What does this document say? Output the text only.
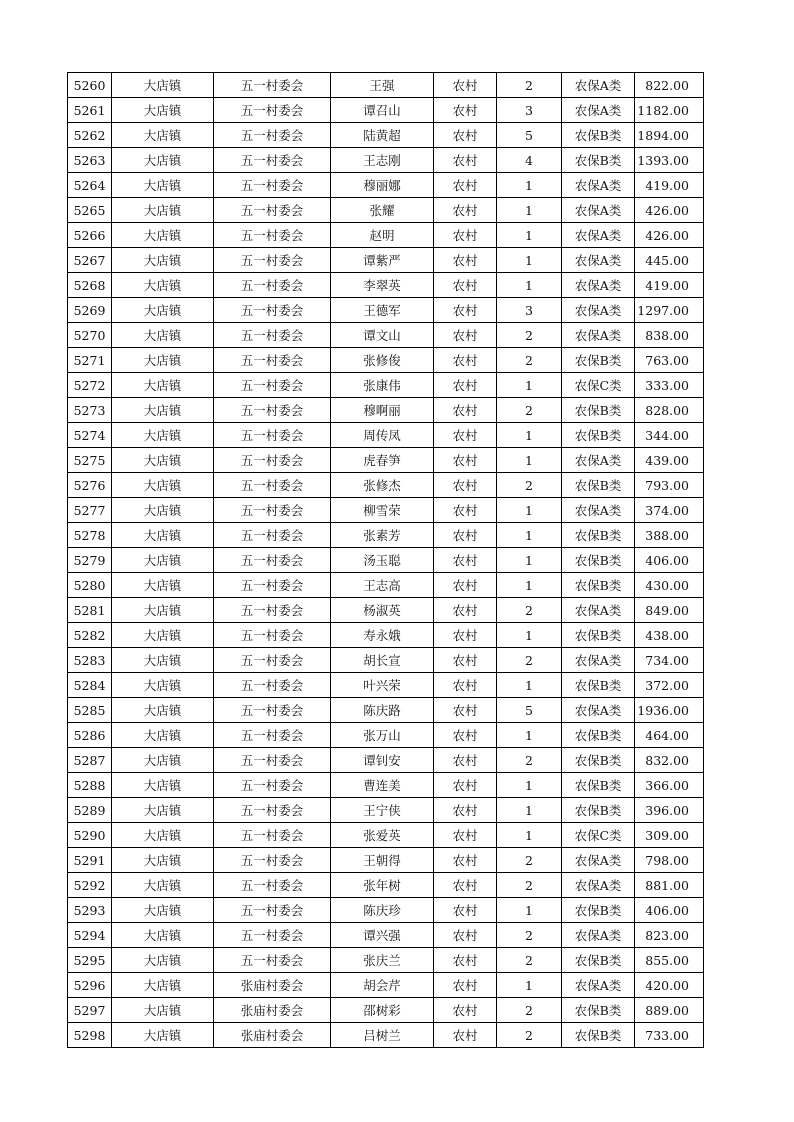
5260	大店镇	五一村委会	王强	农村	2	农保A类	822.00
5261	大店镇	五一村委会	谭召山	农村	3	农保A类	1182.00
5262	大店镇	五一村委会	陆黄超	农村	5	农保B类	1894.00
5263	大店镇	五一村委会	王志刚	农村	4	农保B类	1393.00
5264	大店镇	五一村委会	穆丽娜	农村	1	农保A类	419.00
5265	大店镇	五一村委会	张耀	农村	1	农保A类	426.00
5266	大店镇	五一村委会	赵明	农村	1	农保A类	426.00
5267	大店镇	五一村委会	谭紫严	农村	1	农保A类	445.00
5268	大店镇	五一村委会	李翠英	农村	1	农保A类	419.00
5269	大店镇	五一村委会	王德军	农村	3	农保A类	1297.00
5270	大店镇	五一村委会	谭文山	农村	2	农保A类	838.00
5271	大店镇	五一村委会	张修俊	农村	2	农保B类	763.00
5272	大店镇	五一村委会	张康伟	农村	1	农保C类	333.00
5273	大店镇	五一村委会	穆啊丽	农村	2	农保B类	828.00
5274	大店镇	五一村委会	周传凤	农村	1	农保B类	344.00
5275	大店镇	五一村委会	虎春笋	农村	1	农保A类	439.00
5276	大店镇	五一村委会	张修杰	农村	2	农保B类	793.00
5277	大店镇	五一村委会	柳雪荣	农村	1	农保A类	374.00
5278	大店镇	五一村委会	张素芳	农村	1	农保B类	388.00
5279	大店镇	五一村委会	汤玉聪	农村	1	农保B类	406.00
5280	大店镇	五一村委会	王志高	农村	1	农保B类	430.00
5281	大店镇	五一村委会	杨淑英	农村	2	农保A类	849.00
5282	大店镇	五一村委会	寿永娥	农村	1	农保B类	438.00
5283	大店镇	五一村委会	胡长宣	农村	2	农保A类	734.00
5284	大店镇	五一村委会	叶兴荣	农村	1	农保B类	372.00
5285	大店镇	五一村委会	陈庆路	农村	5	农保A类	1936.00
5286	大店镇	五一村委会	张万山	农村	1	农保B类	464.00
5287	大店镇	五一村委会	谭钊安	农村	2	农保B类	832.00
5288	大店镇	五一村委会	曹连美	农村	1	农保B类	366.00
5289	大店镇	五一村委会	王宁侠	农村	1	农保B类	396.00
5290	大店镇	五一村委会	张爱英	农村	1	农保C类	309.00
5291	大店镇	五一村委会	王朝得	农村	2	农保A类	798.00
5292	大店镇	五一村委会	张年树	农村	2	农保A类	881.00
5293	大店镇	五一村委会	陈庆珍	农村	1	农保B类	406.00
5294	大店镇	五一村委会	谭兴强	农村	2	农保A类	823.00
5295	大店镇	五一村委会	张庆兰	农村	2	农保B类	855.00
5296	大店镇	张庙村委会	胡会芹	农村	1	农保A类	420.00
5297	大店镇	张庙村委会	邵树彩	农村	2	农保B类	889.00
5298	大店镇	张庙村委会	吕树兰	农村	2	农保B类	733.00
